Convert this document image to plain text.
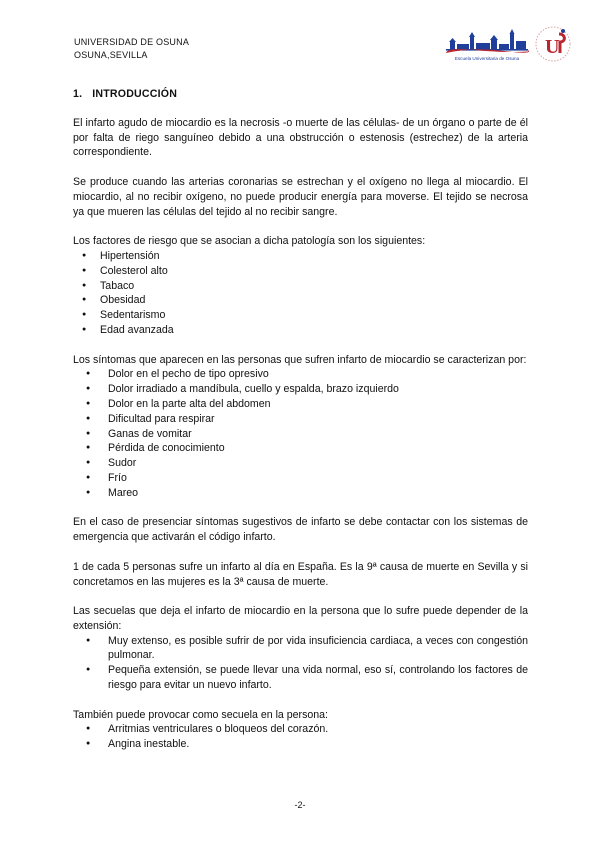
UNIVERSIDAD DE OSUNA
OSUNA,SEVILLA	Escuela Universitaria de Osuna
U
1. INTRODUCCIÓN

El infarto agudo de miocardio es la necrosis -o muerte de las células- de un órgano o parte de él por falta de riego sanguíneo debido a una obstrucción o estenosis (estrechez) de la arteria correspondiente.

Se produce cuando las arterias coronarias se estrechan y el oxígeno no llega al miocardio. El miocardio, al no recibir oxígeno, no puede producir energía para moverse. El tejido se necrosa ya que mueren las células del tejido al no recibir sangre.

Los factores de riesgo que se asocian a dicha patología son los siguientes:

● Hipertensión
● Colesterol alto
● Tabaco
● Obesidad
● Sedentarismo
● Edad avanzada

Los síntomas que aparecen en las personas que sufren infarto de miocardio se caracterizan por:

● Dolor en el pecho de tipo opresivo
● Dolor irradiado a mandíbula, cuello y espalda, brazo izquierdo
● Dolor en la parte alta del abdomen
● Dificultad para respirar
● Ganas de vomitar
● Pérdida de conocimiento
● Sudor
● Frío
● Mareo

En el caso de presenciar síntomas sugestivos de infarto se debe contactar con los sistemas de emergencia que activarán el código infarto.

1 de cada 5 personas sufre un infarto al día en España. Es la 9ª causa de muerte en Sevilla y si concretamos en las mujeres es la 3ª causa de muerte.

Las secuelas que deja el infarto de miocardio en la persona que lo sufre puede depender de la extensión:

● Muy extenso, es posible sufrir de por vida insuficiencia cardiaca, a veces con congestión pulmonar.
● Pequeña extensión, se puede llevar una vida normal, eso sí, controlando los factores de riesgo para evitar un nuevo infarto.

También puede provocar como secuela en la persona:

● Arritmias ventriculares o bloqueos del corazón.
● Angina inestable.
-2-
